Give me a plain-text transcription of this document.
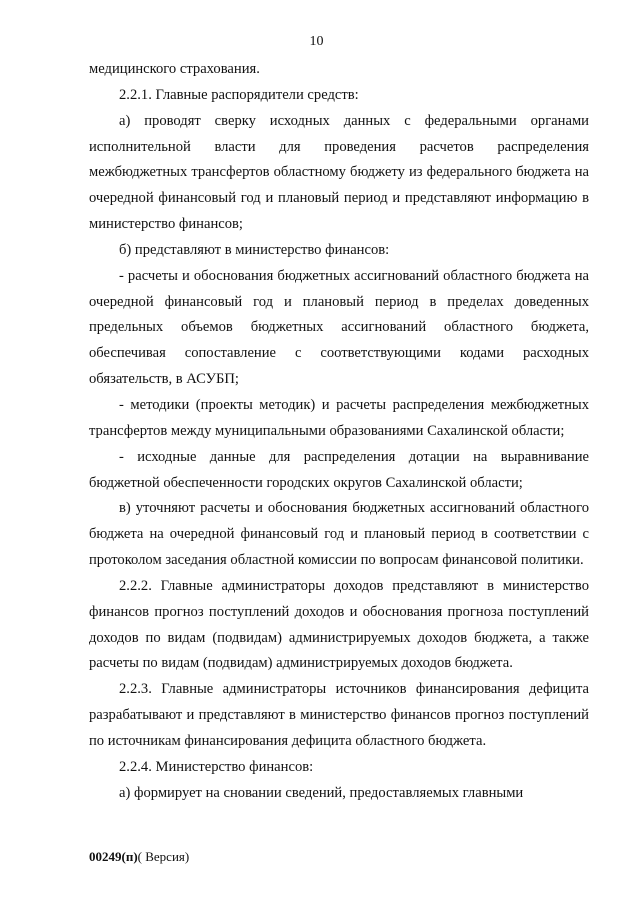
10

медицинского страхования.

2.2.1. Главные распорядители средств:

а) проводят сверку исходных данных с федеральными органами исполнительной власти для проведения расчетов распределения межбюджетных трансфертов областному бюджету из федерального бюджета на очередной финансовый год и плановый период и представляют информацию в министерство финансов;

б) представляют в министерство финансов:

- расчеты и обоснования бюджетных ассигнований областного бюджета на очередной финансовый год и плановый период в пределах доведенных предельных объемов бюджетных ассигнований областного бюджета, обеспечивая сопоставление с соответствующими кодами расходных обязательств, в АСУБП;

- методики (проекты методик) и расчеты распределения межбюджетных трансфертов между муниципальными образованиями Сахалинской области;

- исходные данные для распределения дотации на выравнивание бюджетной обеспеченности городских округов Сахалинской области;

в) уточняют расчеты и обоснования бюджетных ассигнований областного бюджета на очередной финансовый год и плановый период в соответствии с протоколом заседания областной комиссии по вопросам финансовой политики.

2.2.2. Главные администраторы доходов представляют в министерство финансов прогноз поступлений доходов и обоснования прогноза поступлений доходов по видам (подвидам) администрируемых доходов бюджета, а также расчеты по видам (подвидам) администрируемых доходов бюджета.

2.2.3. Главные администраторы источников финансирования дефицита разрабатывают и представляют в министерство финансов прогноз поступлений по источникам финансирования дефицита областного бюджета.

2.2.4. Министерство финансов:

а) формирует на сновании сведений, предоставляемых главными

00249(п)( Версия)
